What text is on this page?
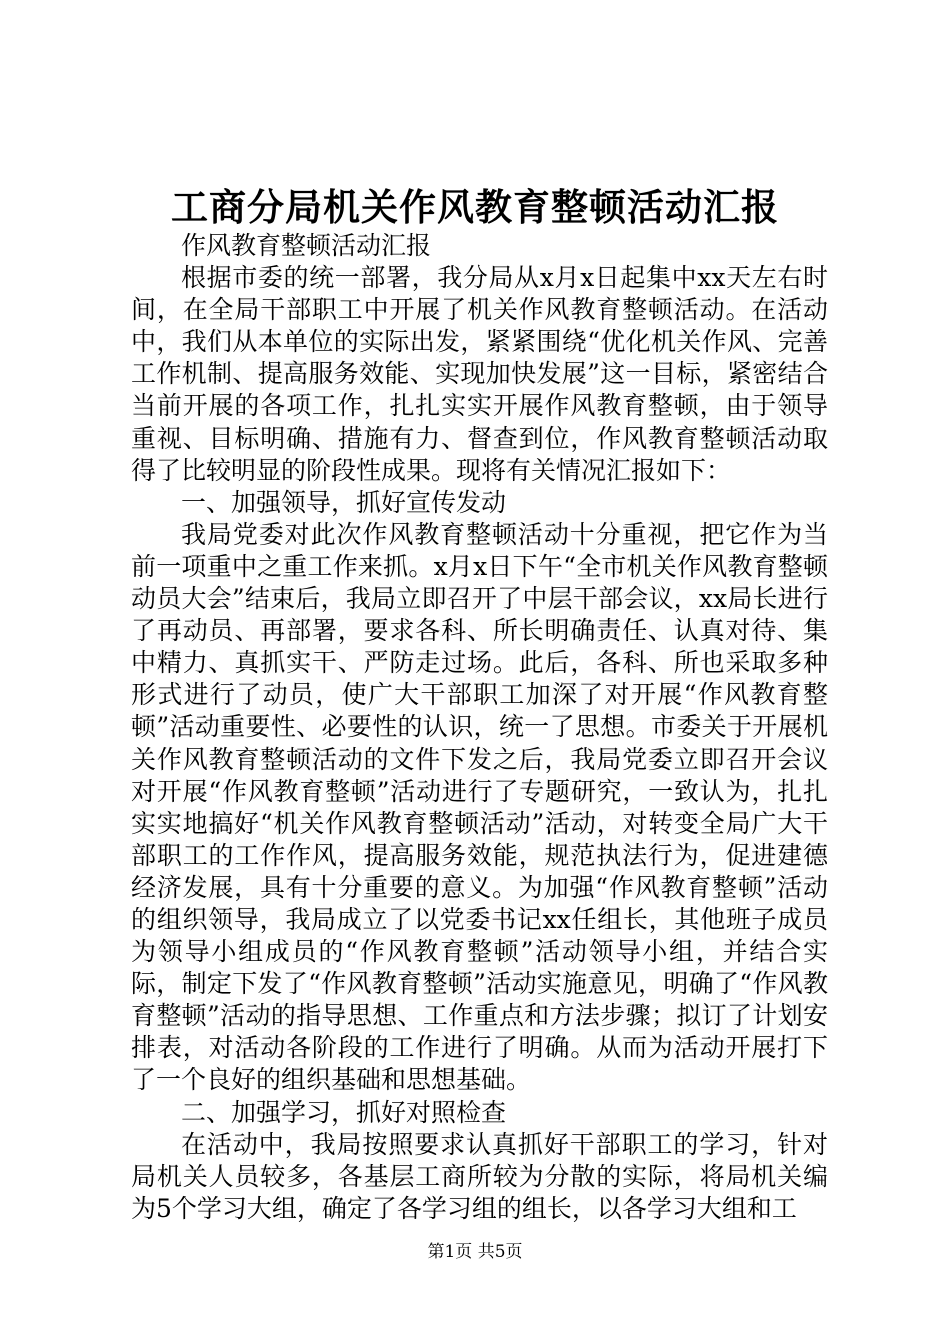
工商分局机关作风教育整顿活动汇报

作风教育整顿活动汇报

根据市委的统一部署，我分局从x月x日起集中xx天左右时间，在全局干部职工中开展了机关作风教育整顿活动。在活动中，我们从本单位的实际出发，紧紧围绕“优化机关作风、完善工作机制、提高服务效能、实现加快发展”这一目标，紧密结合当前开展的各项工作，扎扎实实开展作风教育整顿，由于领导重视、目标明确、措施有力、督查到位，作风教育整顿活动取得了比较明显的阶段性成果。现将有关情况汇报如下：

一、加强领导，抓好宣传发动

我局党委对此次作风教育整顿活动十分重视，把它作为当前一项重中之重工作来抓。x月x日下午“全市机关作风教育整顿动员大会”结束后，我局立即召开了中层干部会议，xx局长进行了再动员、再部署，要求各科、所长明确责任、认真对待、集中精力、真抓实干、严防走过场。此后，各科、所也采取多种形式进行了动员，使广大干部职工加深了对开展“作风教育整顿”活动重要性、必要性的认识，统一了思想。市委关于开展机关作风教育整顿活动的文件下发之后，我局党委立即召开会议对开展“作风教育整顿”活动进行了专题研究，一致认为，扎扎实实地搞好“机关作风教育整顿活动”活动，对转变全局广大干部职工的工作作风，提高服务效能，规范执法行为，促进建德经济发展，具有十分重要的意义。为加强“作风教育整顿”活动的组织领导，我局成立了以党委书记xx任组长，其他班子成员为领导小组成员的“作风教育整顿”活动领导小组，并结合实际，制定下发了“作风教育整顿”活动实施意见，明确了“作风教育整顿”活动的指导思想、工作重点和方法步骤；拟订了计划安排表，对活动各阶段的工作进行了明确。从而为活动开展打下了一个良好的组织基础和思想基础。

二、加强学习，抓好对照检查

在活动中，我局按照要求认真抓好干部职工的学习，针对局机关人员较多，各基层工商所较为分散的实际，将局机关编为5个学习大组，确定了各学习组的组长，以各学习大组和工

第1页 共5页
